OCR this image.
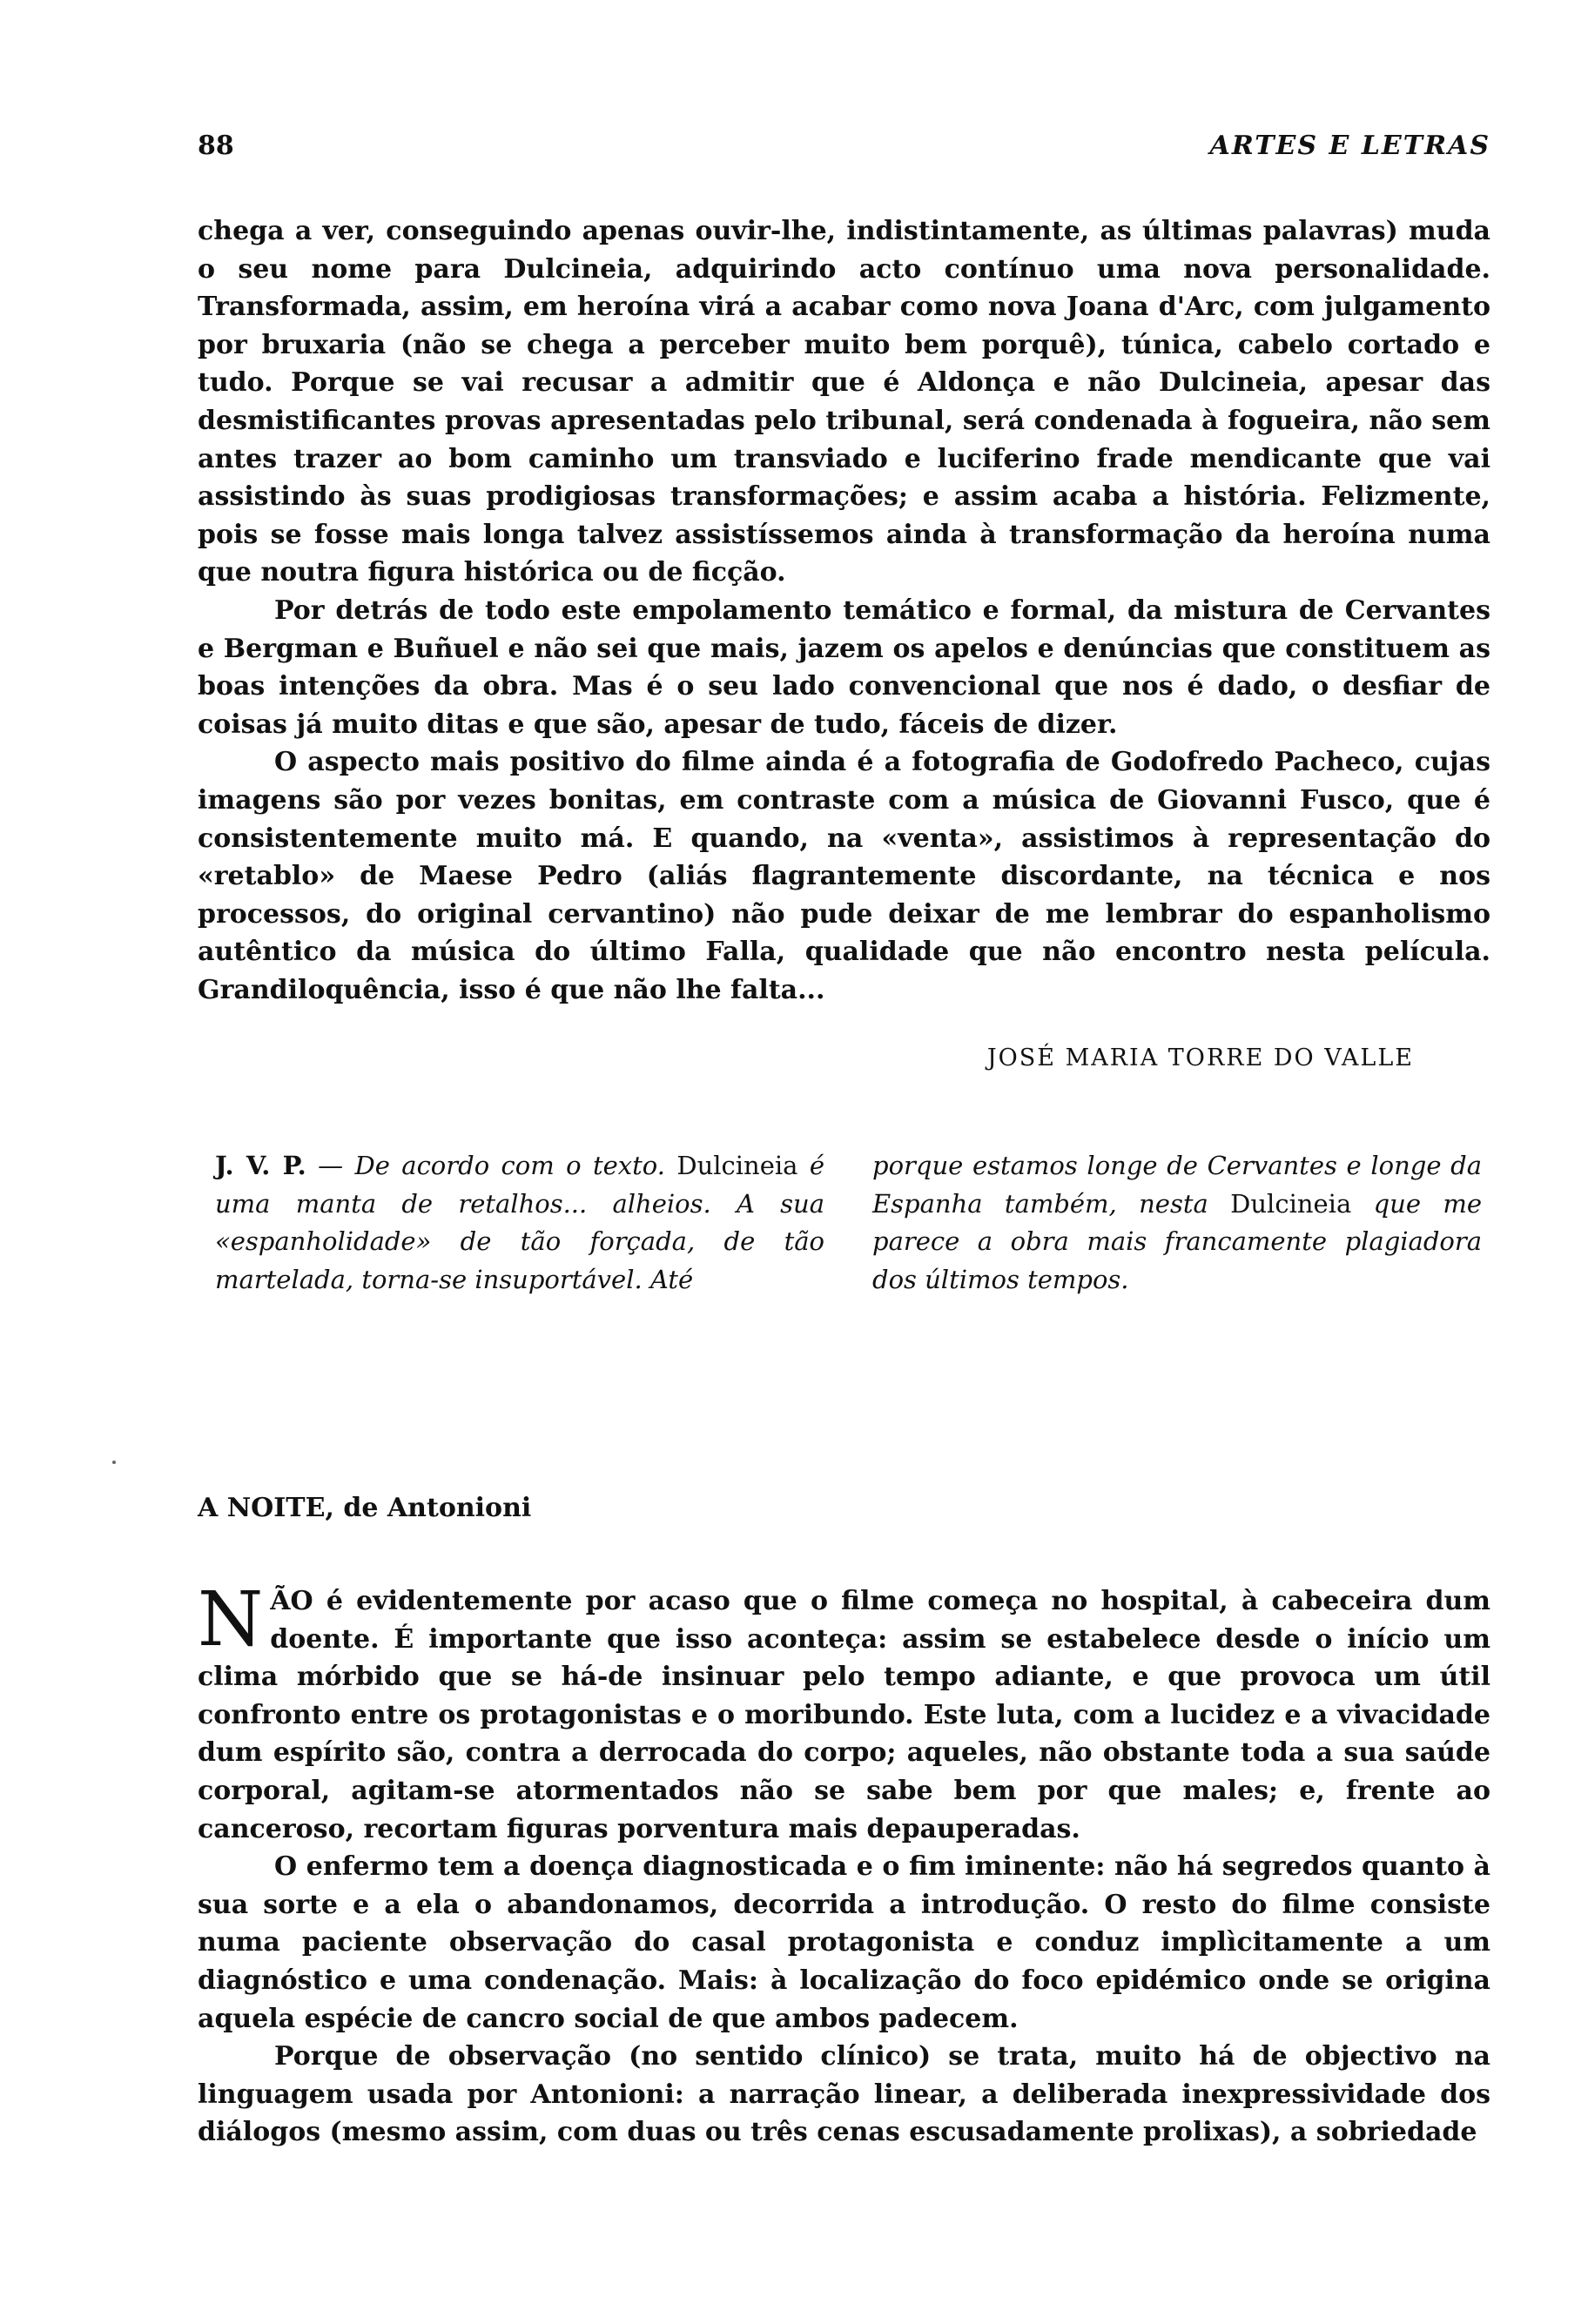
88	ARTES E LETRAS

chega a ver, conseguindo apenas ouvir-lhe, indistintamente, as últimas palavras) muda o seu nome para Dulcineia, adquirindo acto contínuo uma nova personalidade. Transformada, assim, em heroína virá a acabar como nova Joana d'Arc, com julgamento por bruxaria (não se chega a perceber muito bem porquê), túnica, cabelo cortado e tudo. Porque se vai recusar a admitir que é Aldonça e não Dulcineia, apesar das desmistificantes provas apresentadas pelo tribunal, será condenada à fogueira, não sem antes trazer ao bom caminho um transviado e luciferino frade mendicante que vai assistindo às suas prodigiosas transformações; e assim acaba a história. Felizmente, pois se fosse mais longa talvez assistíssemos ainda à transformação da heroína numa que noutra figura histórica ou de ficção.

Por detrás de todo este empolamento temático e formal, da mistura de Cervantes e Bergman e Buñuel e não sei que mais, jazem os apelos e denúncias que constituem as boas intenções da obra. Mas é o seu lado convencional que nos é dado, o desfiar de coisas já muito ditas e que são, apesar de tudo, fáceis de dizer.

O aspecto mais positivo do filme ainda é a fotografia de Godofredo Pacheco, cujas imagens são por vezes bonitas, em contraste com a música de Giovanni Fusco, que é consistentemente muito má. E quando, na «venta», assistimos à representação do «retablo» de Maese Pedro (aliás flagrantemente discordante, na técnica e nos processos, do original cervantino) não pude deixar de me lembrar do espanholismo autêntico da música do último Falla, qualidade que não encontro nesta película. Grandiloquência, isso é que não lhe falta...

JOSÉ MARIA TORRE DO VALLE
J. V. P. — De acordo com o texto. Dulcineia é uma manta de retalhos... alheios. A sua «espanholidade» de tão forçada, de tão martelada, torna-se insuportável. Até
porque estamos longe de Cervantes e longe da Espanha também, nesta Dulcineia que me parece a obra mais francamente plagiadora dos últimos tempos.
A NOITE, de Antonioni

NÃO é evidentemente por acaso que o filme começa no hospital, à cabeceira dum doente. É importante que isso aconteça: assim se estabelece desde o início um clima mórbido que se há-de insinuar pelo tempo adiante, e que provoca um útil confronto entre os protagonistas e o moribundo. Este luta, com a lucidez e a vivacidade dum espírito são, contra a derrocada do corpo; aqueles, não obstante toda a sua saúde corporal, agitam-se atormentados não se sabe bem por que males; e, frente ao canceroso, recortam figuras porventura mais depauperadas.

O enfermo tem a doença diagnosticada e o fim iminente: não há segredos quanto à sua sorte e a ela o abandonamos, decorrida a introdução. O resto do filme consiste numa paciente observação do casal protagonista e conduz implìcitamente a um diagnóstico e uma condenação. Mais: à localização do foco epidémico onde se origina aquela espécie de cancro social de que ambos padecem.

Porque de observação (no sentido clínico) se trata, muito há de objectivo na linguagem usada por Antonioni: a narração linear, a deliberada inexpressividade dos diálogos (mesmo assim, com duas ou três cenas escusadamente prolixas), a sobriedade
